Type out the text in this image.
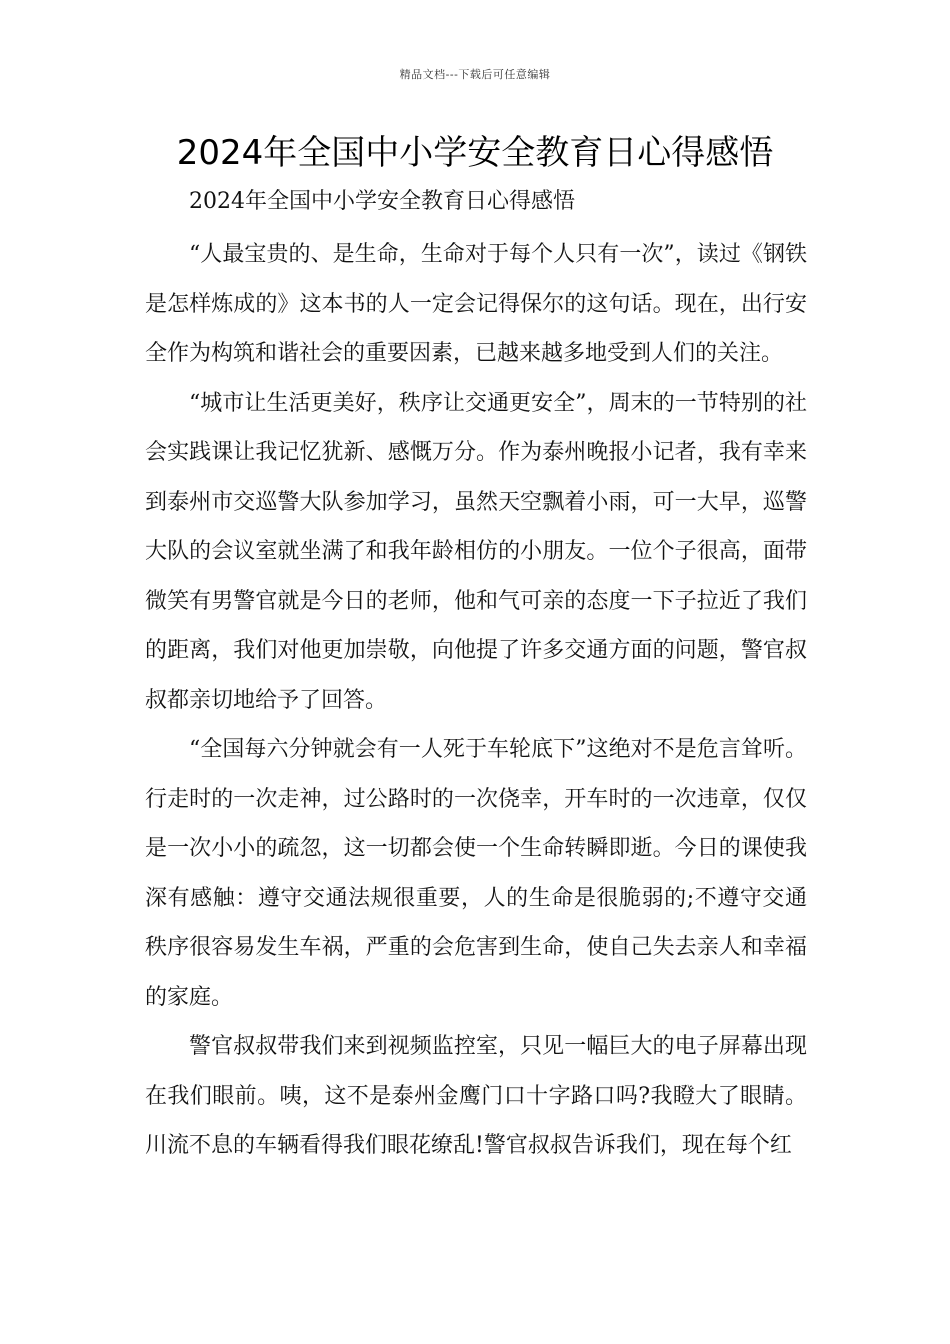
精品文档---下载后可任意编辑
2024年全国中小学安全教育日心得感悟

2024年全国中小学安全教育日心得感悟

“人最宝贵的、是生命，生命对于每个人只有一次”，读过《钢铁是怎样炼成的》这本书的人一定会记得保尔的这句话。现在，出行安全作为构筑和谐社会的重要因素，已越来越多地受到人们的关注。

“城市让生活更美好，秩序让交通更安全”，周末的一节特别的社会实践课让我记忆犹新、感慨万分。作为泰州晚报小记者，我有幸来到泰州市交巡警大队参加学习，虽然天空飘着小雨，可一大早，巡警大队的会议室就坐满了和我年龄相仿的小朋友。一位个子很高，面带微笑有男警官就是今日的老师，他和气可亲的态度一下子拉近了我们的距离，我们对他更加崇敬，向他提了许多交通方面的问题，警官叔叔都亲切地给予了回答。

“全国每六分钟就会有一人死于车轮底下”这绝对不是危言耸听。行走时的一次走神，过公路时的一次侥幸，开车时的一次违章，仅仅是一次小小的疏忽，这一切都会使一个生命转瞬即逝。今日的课使我深有感触：遵守交通法规很重要，人的生命是很脆弱的;不遵守交通秩序很容易发生车祸，严重的会危害到生命，使自己失去亲人和幸福的家庭。

警官叔叔带我们来到视频监控室，只见一幅巨大的电子屏幕出现在我们眼前。咦，这不是泰州金鹰门口十字路口吗?我瞪大了眼睛。川流不息的车辆看得我们眼花缭乱!警官叔叔告诉我们，现在每个红
